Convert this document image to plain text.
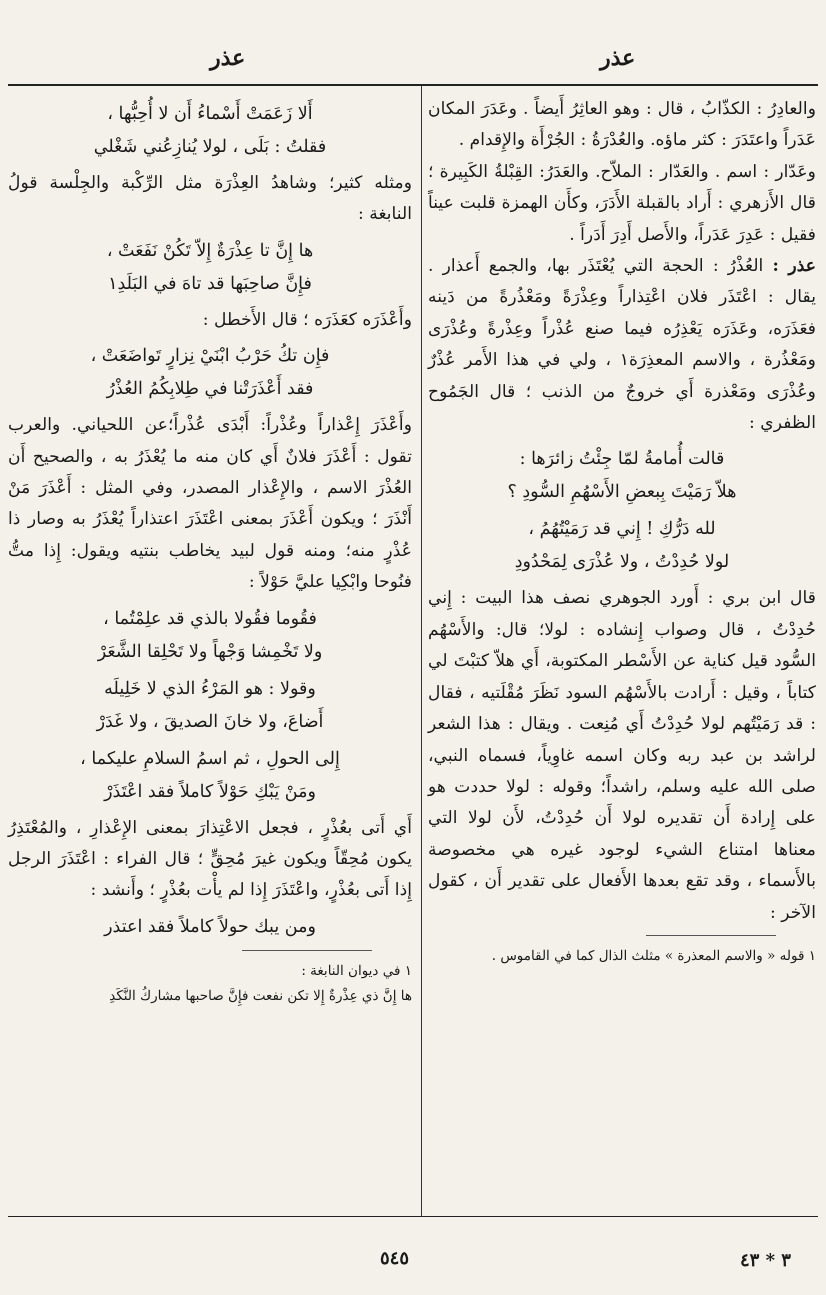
عذر
عذر

والعادِرُ : الكذّابُ ، قال : وهو العاثِرُ أَيضاً . وعَدَرَ المكان عَدَراً واعتَدَرَ : كثر ماؤه. والعُدْرَةُ : الجُرْأَة والإِقدام .

وعَدّار : اسم . والعَدّار : الملاّح. والعَدَرُ: القِبْلةُ الكَبِيرة ؛ قال الأَزهري : أَراد بالقبلة الأَدَرَ، وكأَن الهمزة قلبت عيناً فقيل : عَدِرَ عَدَراً، والأَصل أَدِرَ أَدَراً .

عذر : العُذْرُ : الحجة التي يُعْتَذَر بها، والجمع أَعذار . يقال : اعْتَذَر فلان اعْتِذاراً وعِذْرَةً ومَعْذُرةً من دَينه فعَذَرَه، وعَذَرَه يَعْذِرُه فيما صنع عُذْراً وعِذْرةً وعُذْرَى ومَعْذُرة ، والاسم المعذِرَة١ ، ولي في هذا الأَمر عُذْرٌ وعُذْرَى ومَعْذرة أَي خروجٌ من الذنب ؛ قال الجَمُوح الظفري :

قالت أُمامةُ لمّا جِئْتُ زائرَها :
هلاّ رَمَيْتَ بِبعضِ الأَسْهُمِ السُّودِ ؟
لله دَرُّكِ ! إِني قد رَمَيْتُهُمُ ،
لولا حُدِدْتُ ، ولا عُذْرَى لِمَحْدُودِ

قال ابن بري : أَورد الجوهري نصف هذا البيت : إِني حُدِدْتُ ، قال وصواب إِنشاده : لولا؛ قال: والأَسْهُم السُّود قيل كناية عن الأَسْطر المكتوبة، أَي هلاّ كتبْتَ لي كتاباً ، وقيل : أَرادت بالأَسْهُم السود نَظَرَ مُقْلَتيه ، فقال : قد رَمَيْتُهم لولا حُدِدْتُ أَي مُنِعت . ويقال : هذا الشعر لراشد بن عبد ربه وكان اسمه غاوِياً، فسماه النبي، صلى الله عليه وسلم، راشداً؛ وقوله : لولا حددت هو على إِرادة أَن تقديره لولا أَن حُدِدْتُ، لأَن لولا التي معناها امتناع الشيء لوجود غيره هي مخصوصة بالأَسماء ، وقد تقع بعدها الأَفعال على تقدير أَن ، كقول الآخر :

١ قوله « والاسم المعذرة » مثلث الذال كما في القاموس .

أَلا زَعَمَتْ أَسْماءُ أَن لا أُحِبُّها ،
فقلتُ : بَلَى ، لولا يُنازِعُني شَغْلي

ومثله كثير؛ وشاهدُ العِذْرَة مثل الرِّكْبة والجِلْسة قولُ النابغة :

ها إِنَّ تا عِذْرَةٌ إِلاّ تَكُنْ نَفَعَتْ ،
فإِنَّ صاحِبَها قد تاهَ في البَلَدِ١

وأَعْذَرَه كعَذَرَه ؛ قال الأَخطل :

فإِن تكُ حَرْبُ ابْنَيْ نِزارٍ تَواضَعَتْ ،
فقد أَعْذَرَتْنا في طِلابِكُمُ العُذْرُ

وأَعْذَرَ إِعْذاراً وعُذْراً: أَبْدَى عُذْراً؛عن اللحياني. والعرب تقول : أَعْذَرَ فلانٌ أَي كان منه ما يُعْذَرُ به ، والصحيح أَن العُذْرَ الاسم ، والإِعْذار المصدر، وفي المثل : أَعْذَرَ مَنْ أَنْذَرَ ؛ ويكون أَعْذَرَ بمعنى اعْتَذَرَ اعتذاراً يُعْذَرُ به وصار ذا عُذْرٍ منه؛ ومنه قول لبيد يخاطب بنتيه ويقول: إِذا متُّ فنُوحا وابْكِيا عليَّ حَوْلاً :

فقُوما فقُولا بالذي قد علِمْتُما ،
ولا تَخْمِشا وَجْهاً ولا تَحْلِقا الشَّعَرْ
وقولا : هو المَرْءُ الذي لا خَلِيلَه
أَضاعَ، ولا خانَ الصديقَ ، ولا غَدَرْ
إِلى الحولِ ، ثم اسمُ السلامِ عليكما ،
ومَنْ يَبْكِ حَوْلاً كاملاً فقد اعْتَذَرْ

أَي أَتى بعُذْرٍ ، فجعل الاعْتِذارَ بمعنى الإِعْذارِ ، والمُعْتَذِرُ يكون مُحِقّاً ويكون غيرَ مُحِقٍّ ؛ قال الفراء : اعْتَذَرَ الرجل إِذا أَتى بعُذْرٍ، واعْتَذَرَ إِذا لم يأْت بعُذْرٍ ؛ وأَنشد :

ومن يبك حولاً كاملاً فقد اعتذر

١ في ديوان النابغة :

ها إِنَّ ذي عِذْرةٌ إِلا تكن نفعت فإِنَّ صاحبها مشاركُ النَّكَدِ

٥٤٥	٣ * ٤٣
